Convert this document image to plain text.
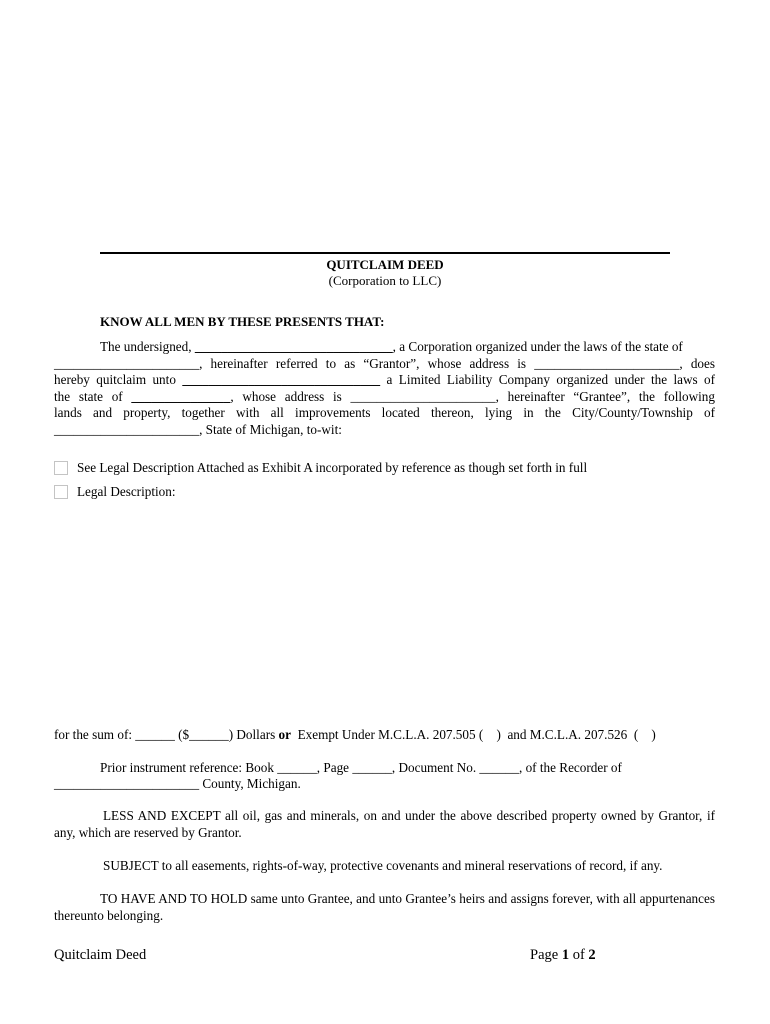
QUITCLAIM DEED
(Corporation to LLC)
KNOW ALL MEN BY THESE PRESENTS THAT:
The undersigned, ______________________________, a Corporation organized under the laws of the state of
______________________, hereinafter referred to as “Grantor”, whose address is ______________________, does
hereby quitclaim unto ______________________________ a Limited Liability Company organized under the laws of
the state of _______________, whose address is ______________________, hereinafter “Grantee”, the following
lands and property, together with all improvements located thereon, lying in the City/County/Township of
______________________, State of Michigan, to-wit:
See Legal Description Attached as Exhibit A incorporated by reference as though set forth in full
Legal Description:
for the sum of: ______ ($______) Dollars or  Exempt Under M.C.L.A. 207.505 (    )  and M.C.L.A. 207.526  (    )
Prior instrument reference: Book ______, Page ______, Document No. ______, of the Recorder of
______________________ County, Michigan.

LESS AND EXCEPT all oil, gas and minerals, on and under the above described property owned by Grantor, if any, which are reserved by Grantor.

SUBJECT to all easements, rights-of-way, protective covenants and mineral reservations of record, if any.

TO HAVE AND TO HOLD same unto Grantee, and unto Grantee’s heirs and assigns forever, with all appurtenances thereunto belonging.

Quitclaim Deed	Page 1 of 2
